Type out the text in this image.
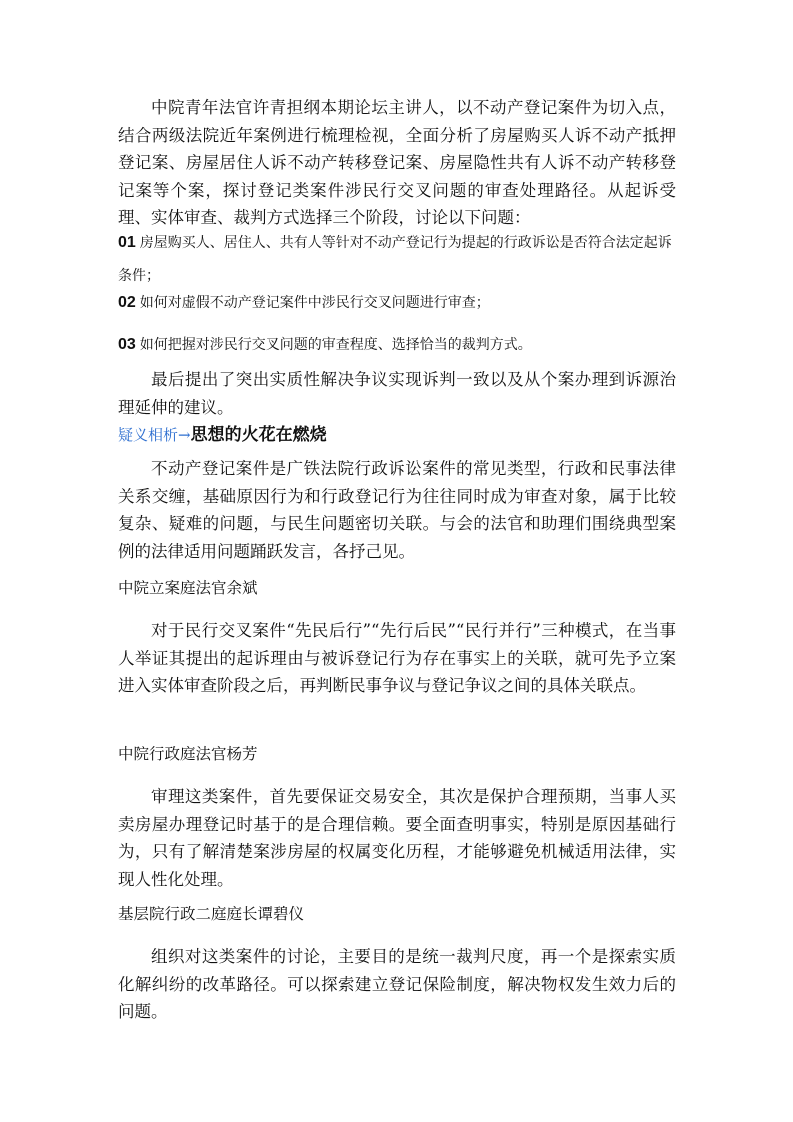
中院青年法官许青担纲本期论坛主讲人，以不动产登记案件为切入点，结合两级法院近年案例进行梳理检视，全面分析了房屋购买人诉不动产抵押登记案、房屋居住人诉不动产转移登记案、房屋隐性共有人诉不动产转移登记案等个案，探讨登记类案件涉民行交叉问题的审查处理路径。从起诉受理、实体审查、裁判方式选择三个阶段，讨论以下问题：

01 房屋购买人、居住人、共有人等针对不动产登记行为提起的行政诉讼是否符合法定起诉条件；

02 如何对虚假不动产登记案件中涉民行交叉问题进行审查；

03 如何把握对涉民行交叉问题的审查程度、选择恰当的裁判方式。

最后提出了突出实质性解决争议实现诉判一致以及从个案办理到诉源治理延伸的建议。

疑义相析→思想的火花在燃烧

不动产登记案件是广铁法院行政诉讼案件的常见类型，行政和民事法律关系交缠，基础原因行为和行政登记行为往往同时成为审查对象，属于比较复杂、疑难的问题，与民生问题密切关联。与会的法官和助理们围绕典型案例的法律适用问题踊跃发言，各抒己见。

中院立案庭法官余斌

对于民行交叉案件“先民后行”“先行后民”“民行并行”三种模式，在当事人举证其提出的起诉理由与被诉登记行为存在事实上的关联，就可先予立案进入实体审查阶段之后，再判断民事争议与登记争议之间的具体关联点。

中院行政庭法官杨芳

审理这类案件，首先要保证交易安全，其次是保护合理预期，当事人买卖房屋办理登记时基于的是合理信赖。要全面查明事实，特别是原因基础行为，只有了解清楚案涉房屋的权属变化历程，才能够避免机械适用法律，实现人性化处理。

基层院行政二庭庭长谭碧仪

组织对这类案件的讨论，主要目的是统一裁判尺度，再一个是探索实质化解纠纷的改革路径。可以探索建立登记保险制度，解决物权发生效力后的问题。
